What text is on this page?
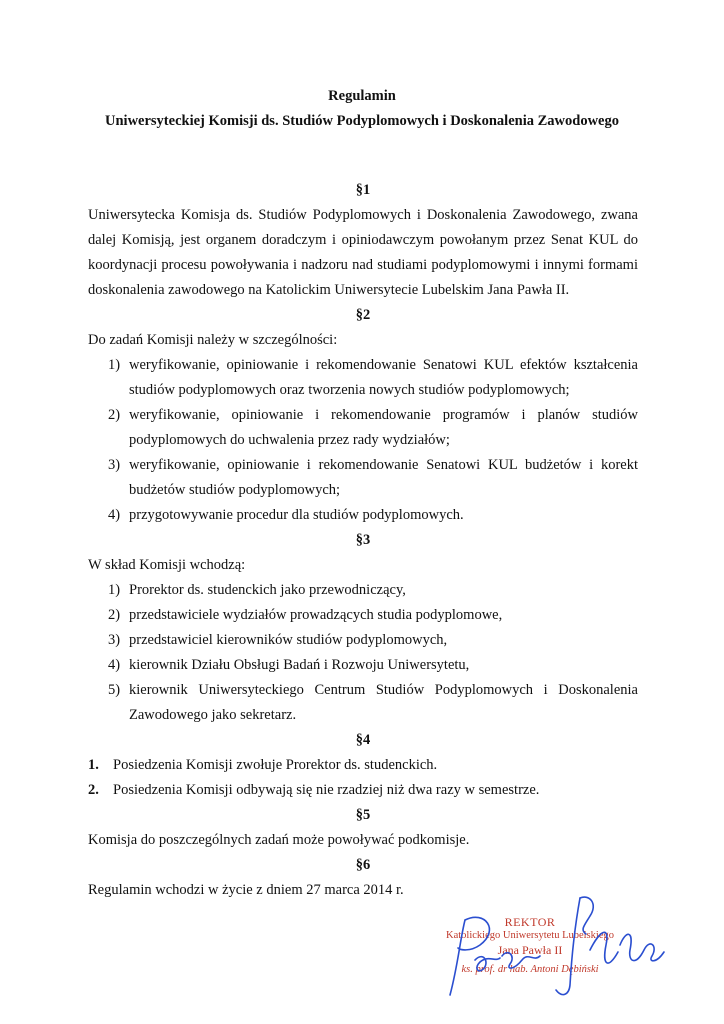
Regulamin
Uniwersyteckiej Komisji ds. Studiów Podyplomowych i Doskonalenia Zawodowego
§1
Uniwersytecka Komisja ds. Studiów Podyplomowych i Doskonalenia Zawodowego, zwana dalej Komisją, jest organem doradczym i opiniodawczym powołanym przez Senat KUL do koordynacji procesu powoływania i nadzoru nad studiami podyplomowymi i innymi formami doskonalenia zawodowego na Katolickim Uniwersytecie Lubelskim Jana Pawła II.
§2
Do zadań Komisji należy w szczególności:
1) weryfikowanie, opiniowanie i rekomendowanie Senatowi KUL efektów kształcenia studiów podyplomowych oraz tworzenia nowych studiów podyplomowych;
2) weryfikowanie, opiniowanie i rekomendowanie programów i planów studiów podyplomowych do uchwalenia przez rady wydziałów;
3) weryfikowanie, opiniowanie i rekomendowanie Senatowi KUL budżetów i korekt budżetów studiów podyplomowych;
4) przygotowywanie procedur dla studiów podyplomowych.
§3
W skład Komisji wchodzą:
1) Prorektor ds. studenckich jako przewodniczący,
2) przedstawiciele wydziałów prowadzących studia podyplomowe,
3) przedstawiciel kierowników studiów podyplomowych,
4) kierownik Działu Obsługi Badań i Rozwoju Uniwersytetu,
5) kierownik Uniwersyteckiego Centrum Studiów Podyplomowych i Doskonalenia Zawodowego jako sekretarz.
§4
1. Posiedzenia Komisji zwołuje Prorektor ds. studenckich.
2. Posiedzenia Komisji odbywają się nie rzadziej niż dwa razy w semestrze.
§5
Komisja do poszczególnych zadań może powoływać podkomisje.
§6
Regulamin wchodzi w życie z dniem 27 marca 2014 r.
REKTOR
Katolickiego Uniwersytetu Lubelskiego
Jana Pawła II
ks. prof. dr hab. Antoni Dębiński
